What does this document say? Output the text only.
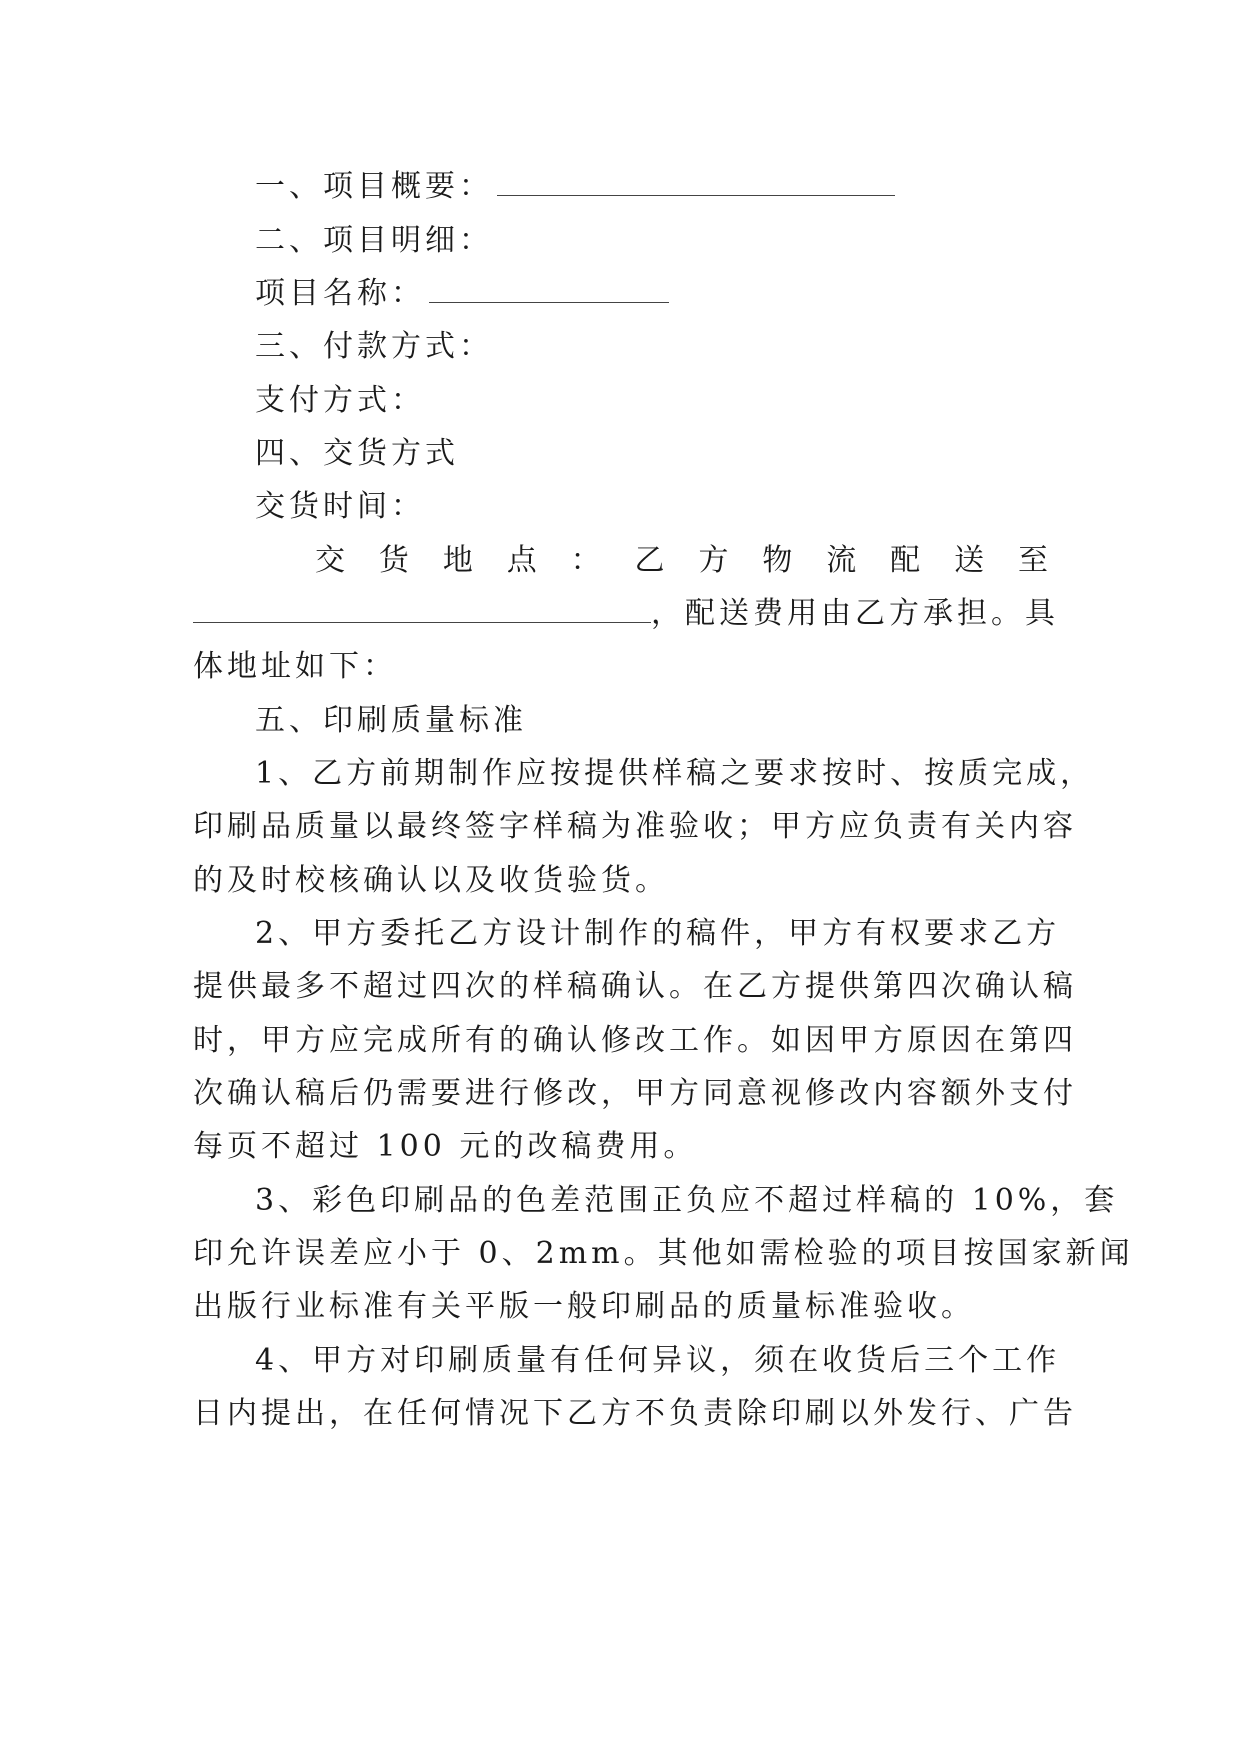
一、项目概要：
二、项目明细：
项目名称：
三、付款方式：
支付方式：
四、交货方式
交货时间：
交 货 地 点 ： 乙 方 物 流 配 送 至
，配送费用由乙方承担。具
体地址如下：
五、印刷质量标准
1、乙方前期制作应按提供样稿之要求按时、按质完成，
印刷品质量以最终签字样稿为准验收；甲方应负责有关内容
的及时校核确认以及收货验货。
2、甲方委托乙方设计制作的稿件，甲方有权要求乙方
提供最多不超过四次的样稿确认。在乙方提供第四次确认稿
时，甲方应完成所有的确认修改工作。如因甲方原因在第四
次确认稿后仍需要进行修改，甲方同意视修改内容额外支付
每页不超过 100 元的改稿费用。
3、彩色印刷品的色差范围正负应不超过样稿的 10%，套
印允许误差应小于 0、2mm。其他如需检验的项目按国家新闻
出版行业标准有关平版一般印刷品的质量标准验收。
4、甲方对印刷质量有任何异议，须在收货后三个工作
日内提出，在任何情况下乙方不负责除印刷以外发行、广告
